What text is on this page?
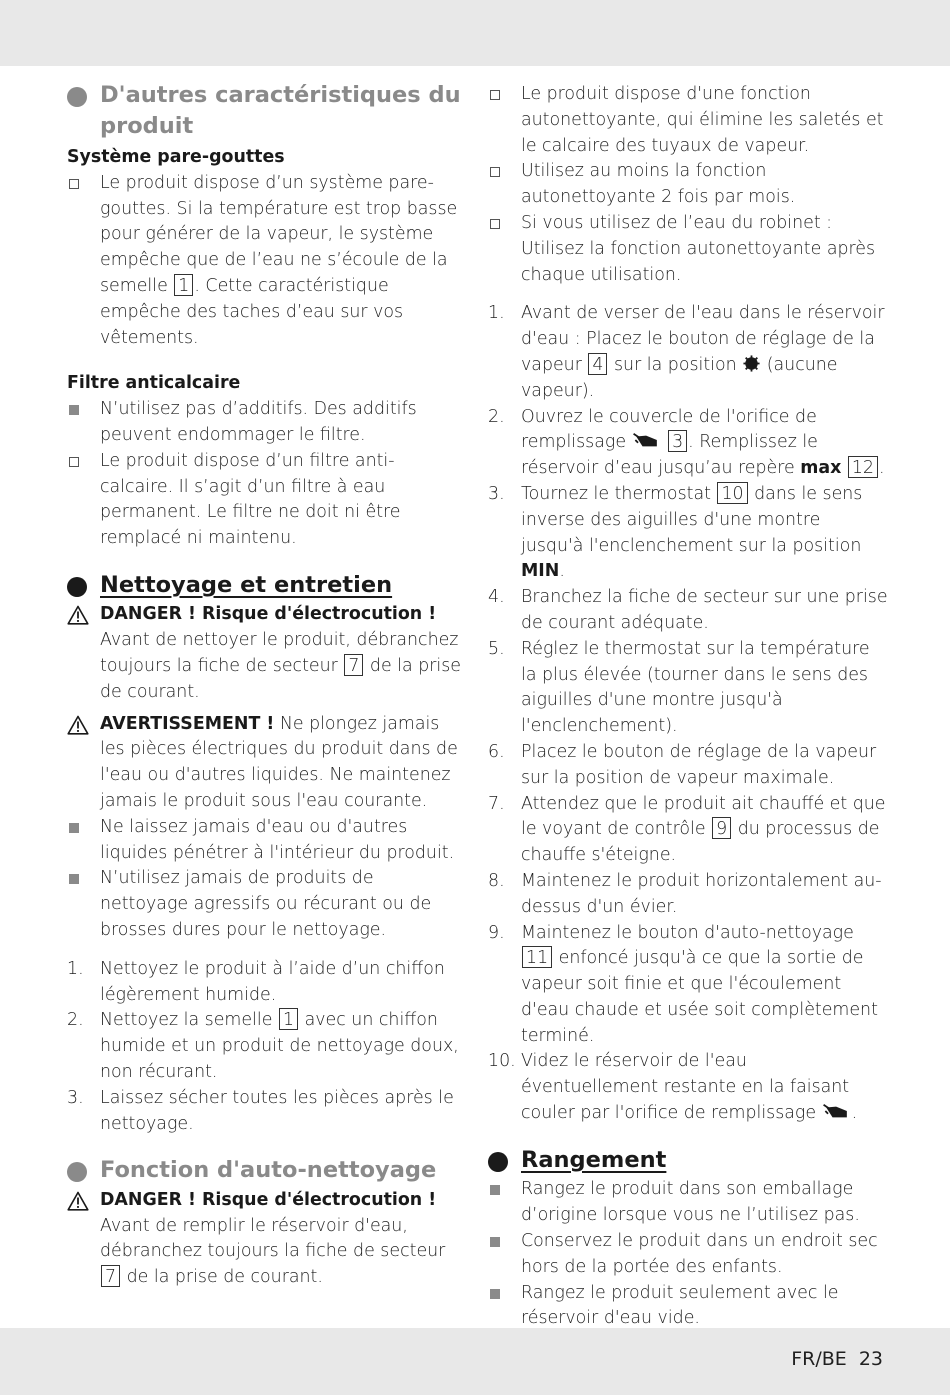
D'autres caractéristiques du produit

Système pare-gouttes

Le produit dispose d’un système pare-gouttes. Si la température est trop basse pour générer de la vapeur, le système empêche que de l’eau ne s’écoule de la semelle 1 . Cette caractéristique empêche des taches d’eau sur vos vêtements.

Filtre anticalcaire

N’utilisez pas d’additifs. Des additifs peuvent endommager le filtre.
Le produit dispose d’un filtre anti-calcaire. Il s’agit d’un filtre à eau permanent. Le filtre ne doit ni être remplacé ni maintenu.
Nettoyage et entretien
DANGER ! Risque d'électrocution !
Avant de nettoyer le produit, débranchez toujours la fiche de secteur 7 de la prise de courant.
AVERTISSEMENT ! Ne plongez jamais les pièces électriques du produit dans de l'eau ou d'autres liquides. Ne maintenez jamais le produit sous l'eau courante.
Ne laissez jamais d'eau ou d'autres liquides pénétrer à l'intérieur du produit.
N’utilisez jamais de produits de nettoyage agressifs ou récurant ou de brosses dures pour le nettoyage.
1. Nettoyez le produit à l’aide d’un chiffon légèrement humide.
2. Nettoyez la semelle 1 avec un chiffon humide et un produit de nettoyage doux, non récurant.
3. Laissez sécher toutes les pièces après le nettoyage.
Fonction d'auto-nettoyage
DANGER ! Risque d'électrocution !
Avant de remplir le réservoir d'eau, débranchez toujours la fiche de secteur 7 de la prise de courant.
Le produit dispose d'une fonction autonettoyante, qui élimine les saletés et le calcaire des tuyaux de vapeur.
Utilisez au moins la fonction autonettoyante 2 fois par mois.
Si vous utilisez de l’eau du robinet : Utilisez la fonction autonettoyante après chaque utilisation.
1. Avant de verser de l'eau dans le réservoir d'eau : Placez le bouton de réglage de la vapeur 4 sur la position (aucune vapeur).
2. Ouvrez le couvercle de l'orifice de remplissage	3 . Remplissez le réservoir d’eau jusqu’au repère max 12 .
3. Tournez le thermostat 10 dans le sens inverse des aiguilles d'une montre jusqu'à l'enclenchement sur la position MIN.
4. Branchez la fiche de secteur sur une prise de courant adéquate.
5. Réglez le thermostat sur la température la plus élevée (tourner dans le sens des aiguilles d'une montre jusqu'à l'enclenchement).
6. Placez le bouton de réglage de la vapeur sur la position de vapeur maximale.
7. Attendez que le produit ait chauffé et que le voyant de contrôle 9 du processus de chauffe s'éteigne.
8. Maintenez le produit horizontalement au-dessus d'un évier.
9. Maintenez le bouton d'auto-nettoyage 11 enfoncé jusqu'à ce que la sortie de vapeur soit finie et que l'écoulement d'eau chaude et usée soit complètement terminé.
10. Videz le réservoir de l'eau éventuellement restante en la faisant couler par l'orifice de remplissage .
Rangement
Rangez le produit dans son emballage d’origine lorsque vous ne l’utilisez pas.
Conservez le produit dans un endroit sec hors de la portée des enfants.
Rangez le produit seulement avec le réservoir d'eau vide.
FR/BE 23
